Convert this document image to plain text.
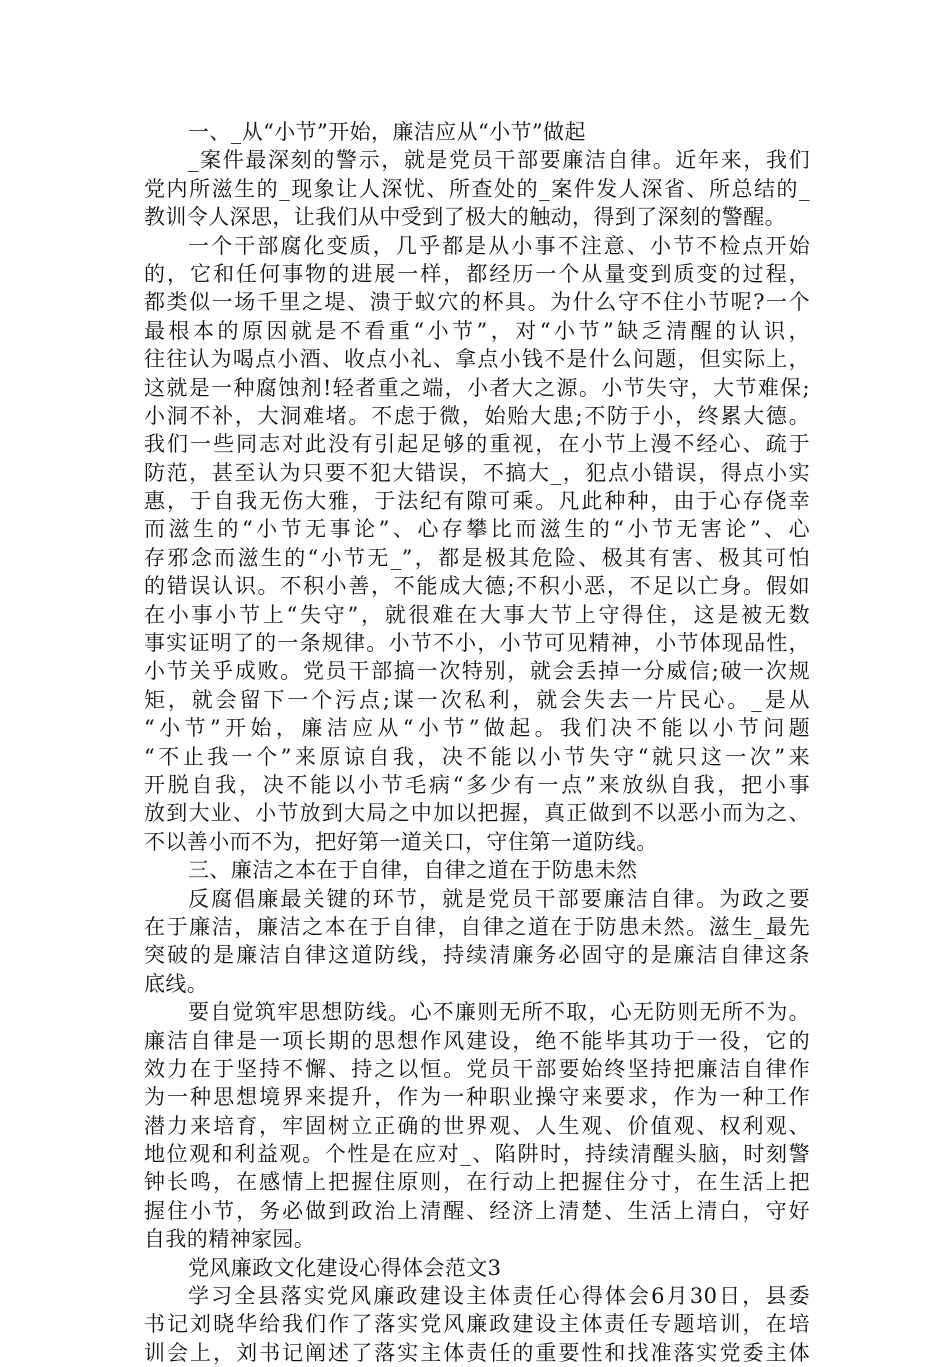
一、_从“小节”开始，廉洁应从“小节”做起
_案件最深刻的警示，就是党员干部要廉洁自律。近年来，我们
党内所滋生的_现象让人深忧、所查处的_案件发人深省、所总结的_
教训令人深思，让我们从中受到了极大的触动，得到了深刻的警醒。
一个干部腐化变质，几乎都是从小事不注意、小节不检点开始
的，它和任何事物的进展一样，都经历一个从量变到质变的过程，
都类似一场千里之堤、溃于蚁穴的杯具。为什么守不住小节呢?一个
最根本的原因就是不看重“小节”，对“小节”缺乏清醒的认识，
往往认为喝点小酒、收点小礼、拿点小钱不是什么问题，但实际上，
这就是一种腐蚀剂!轻者重之端，小者大之源。小节失守，大节难保;
小洞不补，大洞难堵。不虑于微，始贻大患;不防于小，终累大德。
我们一些同志对此没有引起足够的重视，在小节上漫不经心、疏于
防范，甚至认为只要不犯大错误，不搞大_，犯点小错误，得点小实
惠，于自我无伤大雅，于法纪有隙可乘。凡此种种，由于心存侥幸
而滋生的“小节无事论”、心存攀比而滋生的“小节无害论”、心
存邪念而滋生的“小节无_”，都是极其危险、极其有害、极其可怕
的错误认识。不积小善，不能成大德;不积小恶，不足以亡身。假如
在小事小节上“失守”，就很难在大事大节上守得住，这是被无数
事实证明了的一条规律。小节不小，小节可见精神，小节体现品性，
小节关乎成败。党员干部搞一次特别，就会丢掉一分威信;破一次规
矩，就会留下一个污点;谋一次私利，就会失去一片民心。_是从
“小节”开始，廉洁应从“小节”做起。我们决不能以小节问题
“不止我一个”来原谅自我，决不能以小节失守“就只这一次”来
开脱自我，决不能以小节毛病“多少有一点”来放纵自我，把小事
放到大业、小节放到大局之中加以把握，真正做到不以恶小而为之、
不以善小而不为，把好第一道关口，守住第一道防线。
三、廉洁之本在于自律，自律之道在于防患未然
反腐倡廉最关键的环节，就是党员干部要廉洁自律。为政之要
在于廉洁，廉洁之本在于自律，自律之道在于防患未然。滋生_最先
突破的是廉洁自律这道防线，持续清廉务必固守的是廉洁自律这条
底线。
要自觉筑牢思想防线。心不廉则无所不取，心无防则无所不为。
廉洁自律是一项长期的思想作风建设，绝不能毕其功于一役，它的
效力在于坚持不懈、持之以恒。党员干部要始终坚持把廉洁自律作
为一种思想境界来提升，作为一种职业操守来要求，作为一种工作
潜力来培育，牢固树立正确的世界观、人生观、价值观、权利观、
地位观和利益观。个性是在应对_、陷阱时，持续清醒头脑，时刻警
钟长鸣，在感情上把握住原则，在行动上把握住分寸，在生活上把
握住小节，务必做到政治上清醒、经济上清楚、生活上清白，守好
自我的精神家园。
党风廉政文化建设心得体会范文3
学习全县落实党风廉政建设主体责任心得体会6月30日，县委
书记刘晓华给我们作了落实党风廉政建设主体责任专题培训，在培
训会上，刘书记阐述了落实主体责任的重要性和找准落实党委主体
